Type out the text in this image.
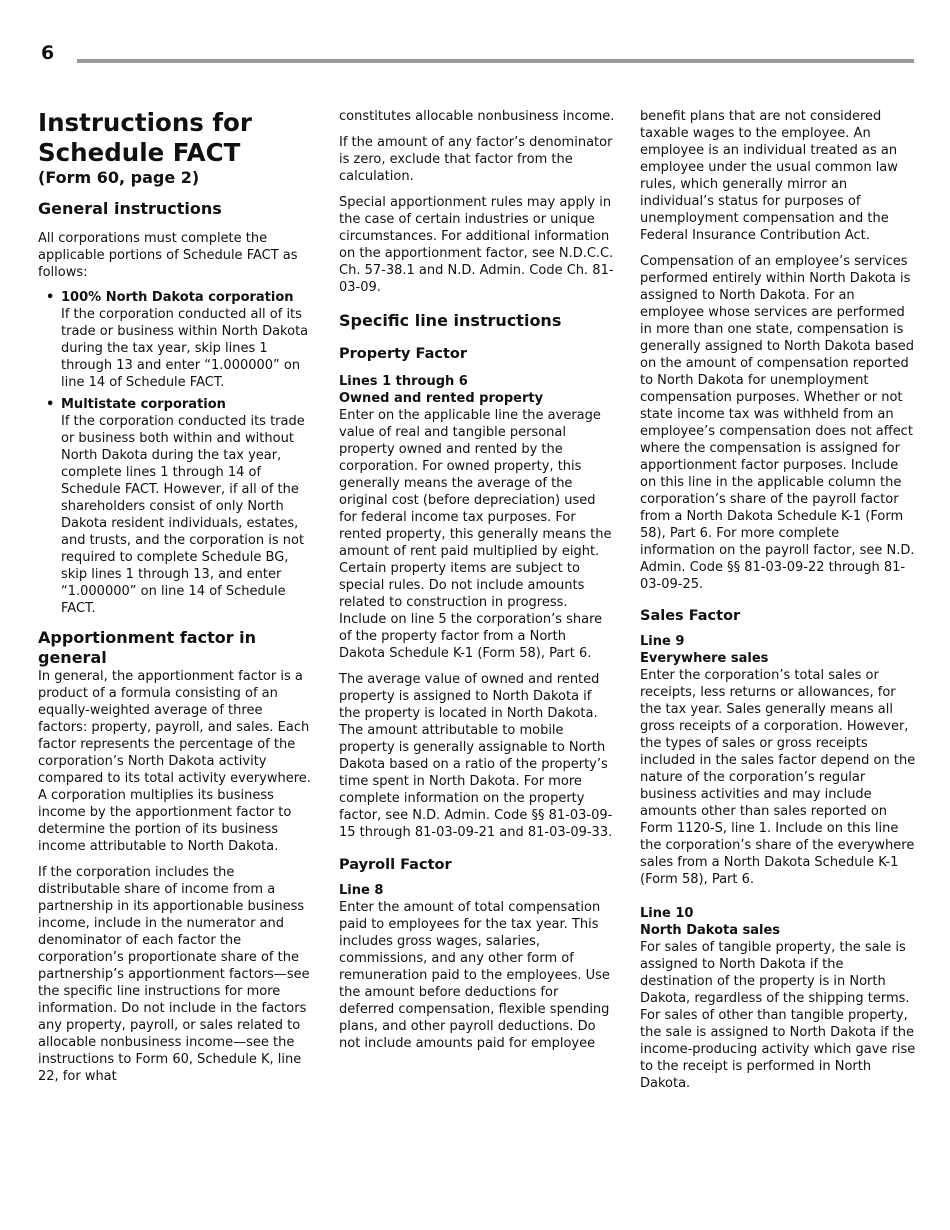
6
Instructions for
Schedule FACT
(Form 60, page 2)
General instructions

All corporations must complete the applicable portions of Schedule FACT as follows:

• 100% North Dakota corporation
If the corporation conducted all of its trade or business within North Dakota during the tax year, skip lines 1 through 13 and enter “1.000000” on line 14 of Schedule FACT.
• Multistate corporation
If the corporation conducted its trade or business both within and without North Dakota during the tax year, complete lines 1 through 14 of Schedule FACT. However, if all of the shareholders consist of only North Dakota resident individuals, estates, and trusts, and the corporation is not required to complete Schedule BG, skip lines 1 through 13, and enter “1.000000” on line 14 of Schedule FACT.
Apportionment factor in general

In general, the apportionment factor is a product of a formula consisting of an equally-weighted average of three factors: property, payroll, and sales. Each factor represents the percentage of the corporation’s North Dakota activity compared to its total activity everywhere. A corporation multiplies its business income by the apportionment factor to determine the portion of its business income attributable to North Dakota.

If the corporation includes the distributable share of income from a partnership in its apportionable business income, include in the numerator and denominator of each factor the corporation’s proportionate share of the partnership’s apportionment factors—see the specific line instructions for more information. Do not include in the factors any property, payroll, or sales related to allocable nonbusiness income—see the instructions to Form 60, Schedule K, line 22, for what

constitutes allocable nonbusiness income.

If the amount of any factor’s denominator is zero, exclude that factor from the calculation.

Special apportionment rules may apply in the case of certain industries or unique circumstances. For additional information on the apportionment factor, see N.D.C.C. Ch. 57-38.1 and N.D. Admin. Code Ch. 81-03-09.

Specific line instructions
Property Factor
Lines 1 through 6
Owned and rented property

Enter on the applicable line the average value of real and tangible personal property owned and rented by the corporation. For owned property, this generally means the average of the original cost (before depreciation) used for federal income tax purposes. For rented property, this generally means the amount of rent paid multiplied by eight. Certain property items are subject to special rules. Do not include amounts related to construction in progress. Include on line 5 the corporation’s share of the property factor from a North Dakota Schedule K-1 (Form 58), Part 6.

The average value of owned and rented property is assigned to North Dakota if the property is located in North Dakota. The amount attributable to mobile property is generally assignable to North Dakota based on a ratio of the property’s time spent in North Dakota. For more complete information on the property factor, see N.D. Admin. Code §§ 81-03-09-15 through 81-03-09-21 and 81-03-09-33.

Payroll Factor
Line 8

Enter the amount of total compensation paid to employees for the tax year. This includes gross wages, salaries, commissions, and any other form of remuneration paid to the employees. Use the amount before deductions for deferred compensation, flexible spending plans, and other payroll deductions. Do not include amounts paid for employee

benefit plans that are not considered taxable wages to the employee. An employee is an individual treated as an employee under the usual common law rules, which generally mirror an individual’s status for purposes of unemployment compensation and the Federal Insurance Contribution Act.

Compensation of an employee’s services performed entirely within North Dakota is assigned to North Dakota. For an employee whose services are performed in more than one state, compensation is generally assigned to North Dakota based on the amount of compensation reported to North Dakota for unemployment compensation purposes. Whether or not state income tax was withheld from an employee’s compensation does not affect where the compensation is assigned for apportionment factor purposes. Include on this line in the applicable column the corporation’s share of the payroll factor from a North Dakota Schedule K-1 (Form 58), Part 6. For more complete information on the payroll factor, see N.D. Admin. Code §§ 81-03-09-22 through 81-03-09-25.

Sales Factor
Line 9
Everywhere sales

Enter the corporation’s total sales or receipts, less returns or allowances, for the tax year. Sales generally means all gross receipts of a corporation. However, the types of sales or gross receipts included in the sales factor depend on the nature of the corporation’s regular business activities and may include amounts other than sales reported on Form 1120-S, line 1. Include on this line the corporation’s share of the everywhere sales from a North Dakota Schedule K-1 (Form 58), Part 6.

Line 10
North Dakota sales

For sales of tangible property, the sale is assigned to North Dakota if the destination of the property is in North Dakota, regardless of the shipping terms. For sales of other than tangible property, the sale is assigned to North Dakota if the income-producing activity which gave rise to the receipt is performed in North Dakota.
